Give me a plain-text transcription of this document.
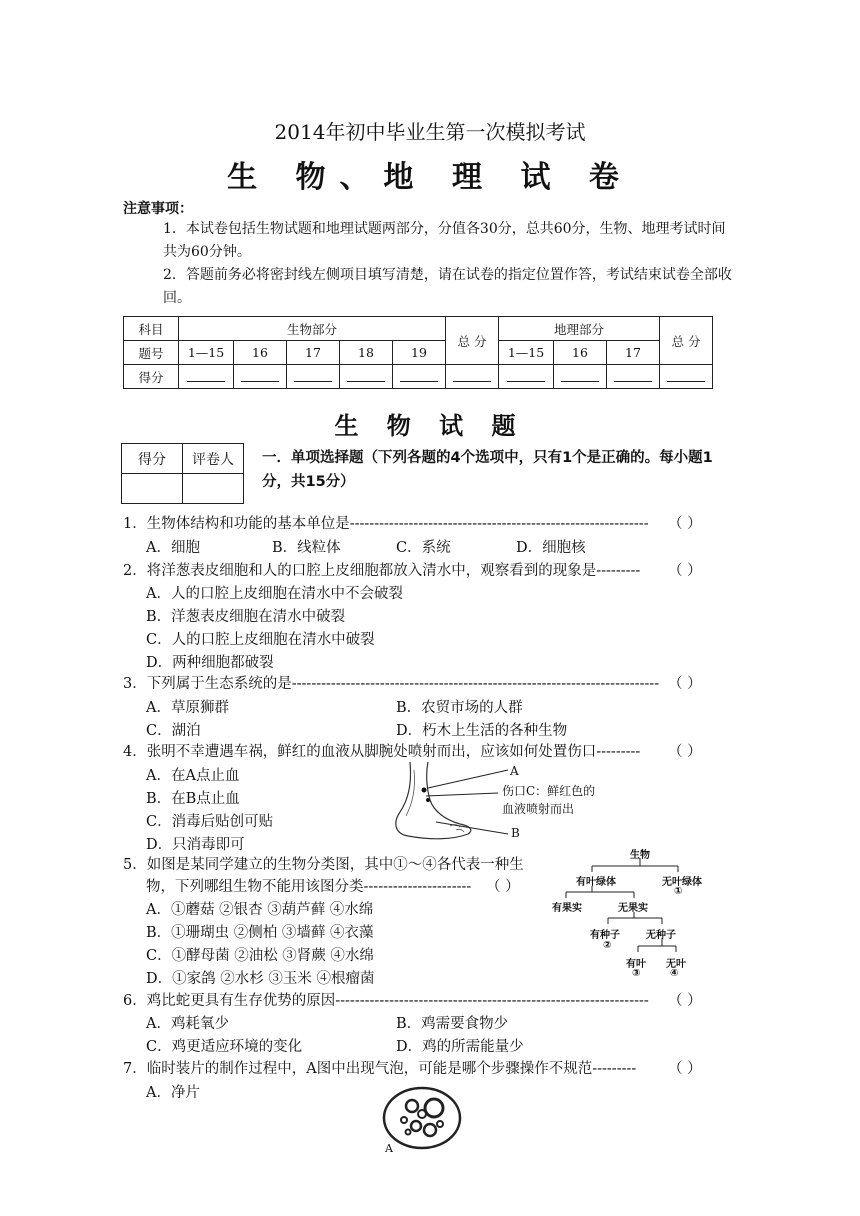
2014年初中毕业生第一次模拟考试
生 物、地 理 试 卷
注意事项：
1．本试卷包括生物试题和地理试题两部分，分值各30分，总共60分，生物、地理考试时间共为60分钟。
2．答题前务必将密封线左侧项目填写清楚，请在试卷的指定位置作答，考试结束试卷全部收回。
科目	生物部分					总 分	地理部分			总 分
题号	1—15	16	17	18	19		1—15	16	17	
得分										
生 物 试 题
得分	评卷人
	一．单项选择题（下列各题的4个选项中，只有1个是正确的。每小题1分，共15分）
1．生物体结构和功能的基本单位是------------------------------------------------------------- （ ）
A．细胞	B．线粒体	C．系统	D．细胞核
2．将洋葱表皮细胞和人的口腔上皮细胞都放入清水中，观察看到的现象是--------- （ ）
A．人的口腔上皮细胞在清水中不会破裂
B．洋葱表皮细胞在清水中破裂
C．人的口腔上皮细胞在清水中破裂
D．两种细胞都破裂
3．下列属于生态系统的是--------------------------------------------------------------------------- （ ）
A．草原狮群	B．农贸市场的人群
C．湖泊	D．朽木上生活的各种生物
4．张明不幸遭遇车祸，鲜红的血液从脚腕处喷射而出，应该如何处置伤口--------- （ ）
A．在A点止血
B．在B点止血
C．消毒后贴创可贴
D．只消毒即可
A
伤口C：鲜红色的
血液喷射而出
B
5．如图是某同学建立的生物分类图，其中①～④各代表一种生
物，下列哪组生物不能用该图分类---------------------- （ ）
A．①蘑菇 ②银杏 ③葫芦藓 ④水绵
B．①珊瑚虫 ②侧柏 ③墙藓 ④衣藻
C．①酵母菌 ②油松 ③肾蕨 ④水绵
D．①家鸽 ②水杉 ③玉米 ④根瘤菌
生物
有叶绿体	无叶绿体
①
有果实	无果实
有种子	无种子
②
有叶 无叶
③	④
6．鸡比蛇更具有生存优势的原因---------------------------------------------------------------- （ ）
A．鸡耗氧少	B．鸡需要食物少
C．鸡更适应环境的变化	D．鸡的所需能量少
7．临时装片的制作过程中，A图中出现气泡，可能是哪个步骤操作不规范--------- （ ）
A．净片
A
